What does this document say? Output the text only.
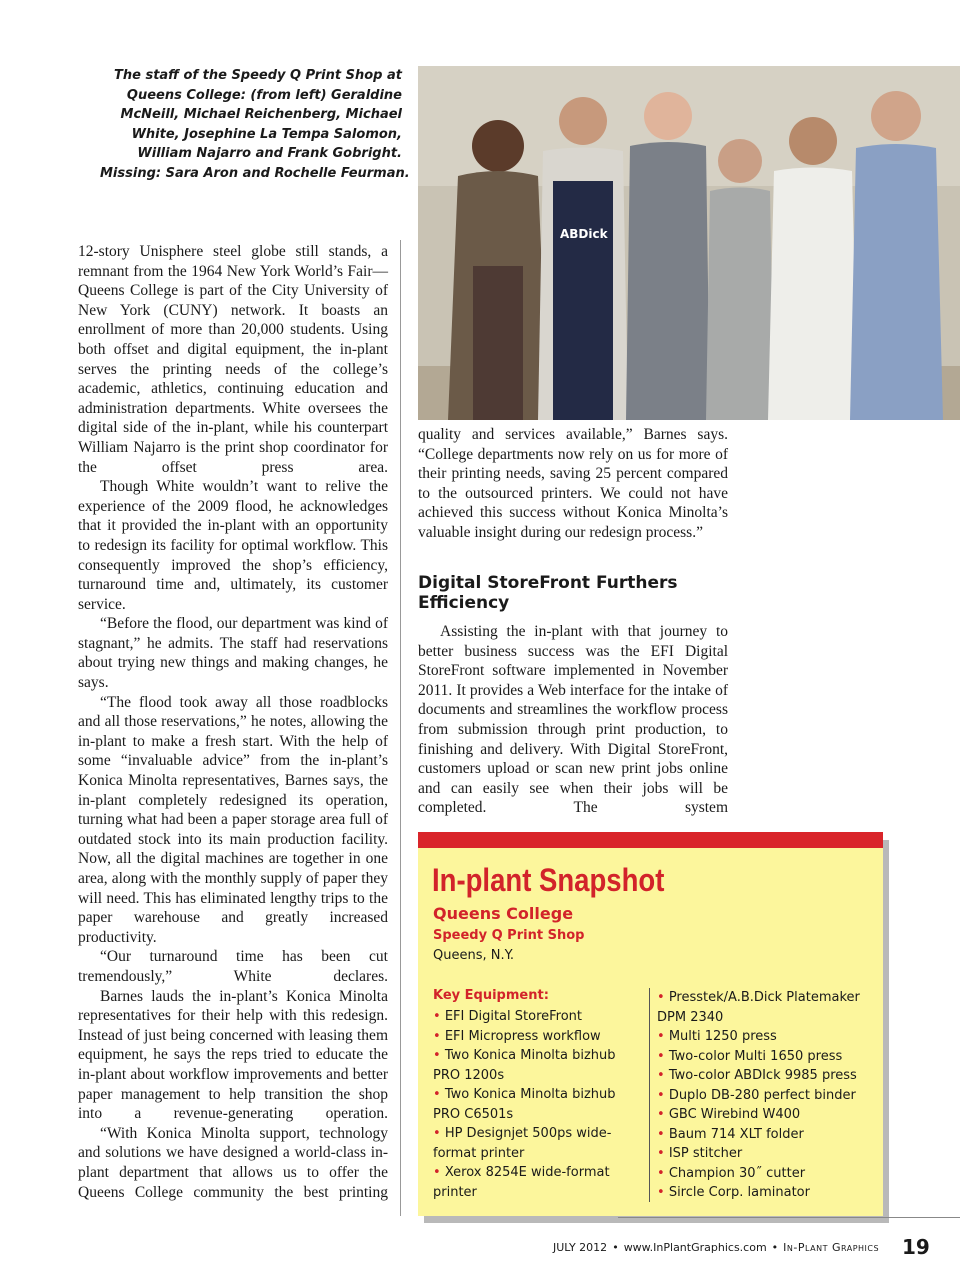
The staff of the Speedy Q Print Shop at
Queens College: (from left) Geraldine
McNeill, Michael Reichenberg, Michael
White, Josephine La Tempa Salomon,
William Najarro and Frank Gobright.
Missing: Sara Aron and Rochelle Feurman.
ABDick

12-story Unisphere steel globe still stands, a remnant from the 1964 New York World’s Fair—Queens College is part of the City University of New York (CUNY) network. It boasts an enrollment of more than 20,000 students. Using both offset and digital equipment, the in-plant serves the printing needs of the college’s academic, athletics, continuing education and administration departments. White oversees the digital side of the in-plant, while his counterpart William Najarro is the print shop coordinator for the offset press area.

Though White wouldn’t want to relive the experience of the 2009 flood, he acknowledges that it provided the in-plant with an opportunity to redesign its facility for optimal workflow. This consequently improved the shop’s efficiency, turnaround time and, ultimately, its customer service.

“Before the flood, our department was kind of stagnant,” he admits. The staff had reservations about trying new things and making changes, he says.

“The flood took away all those roadblocks and all those reservations,” he notes, allowing the in-plant to make a fresh start. With the help of some “invaluable advice” from the in-plant’s Konica Minolta representatives, Barnes says, the in-plant completely redesigned its operation, turning what had been a paper storage area full of outdated stock into its main production facility. Now, all the digital machines are together in one area, along with the monthly supply of paper they will need. This has eliminated lengthy trips to the paper warehouse and greatly increased productivity.

“Our turnaround time has been cut tremendously,” White declares.

Barnes lauds the in-plant’s Konica Minolta representatives for their help with this redesign. Instead of just being concerned with leasing them equipment, he says the reps tried to educate the in-plant about workflow improvements and better paper management to help transition the shop into a revenue-generating operation.

“With Konica Minolta support, technology and solutions we have designed a world-class in-plant department that allows us to offer the Queens College community the best printing

quality and services available,” Barnes says. “College departments now rely on us for more of their printing needs, saving 25 percent compared to the outsourced printers. We could not have achieved this success without Konica Minolta’s valuable insight during our redesign process.”

Digital StoreFront Furthers
Efficiency

Assisting the in-plant with that journey to better business success was the EFI Digital StoreFront software implemented in November 2011. It provides a Web interface for the intake of documents and streamlines the workflow process from submission through print production, to finishing and delivery. With Digital StoreFront, customers upload or scan new print jobs online and can easily see when their jobs will be completed. The system

In-plant Snapshot
Queens College
Speedy Q Print Shop
Queens, N.Y.
Key Equipment:
• EFI Digital StoreFront
• EFI Micropress workflow
• Two Konica Minolta bizhub
PRO 1200s
• Two Konica Minolta bizhub
PRO C6501s
• HP Designjet 500ps wide-
format printer
• Xerox 8254E wide-format
printer
• Presstek/A.B.Dick Platemaker
DPM 2340
• Multi 1250 press
• Two-color Multi 1650 press
• Two-color ABDIck 9985 press
• Duplo DB-280 perfect binder
• GBC Wirebind W400
• Baum 714 XLT folder
• ISP stitcher
• Champion 30˝ cutter
• Sircle Corp. laminator
JULY 2012 • www.InPlantGraphics.com • In-Plant Graphics 19
